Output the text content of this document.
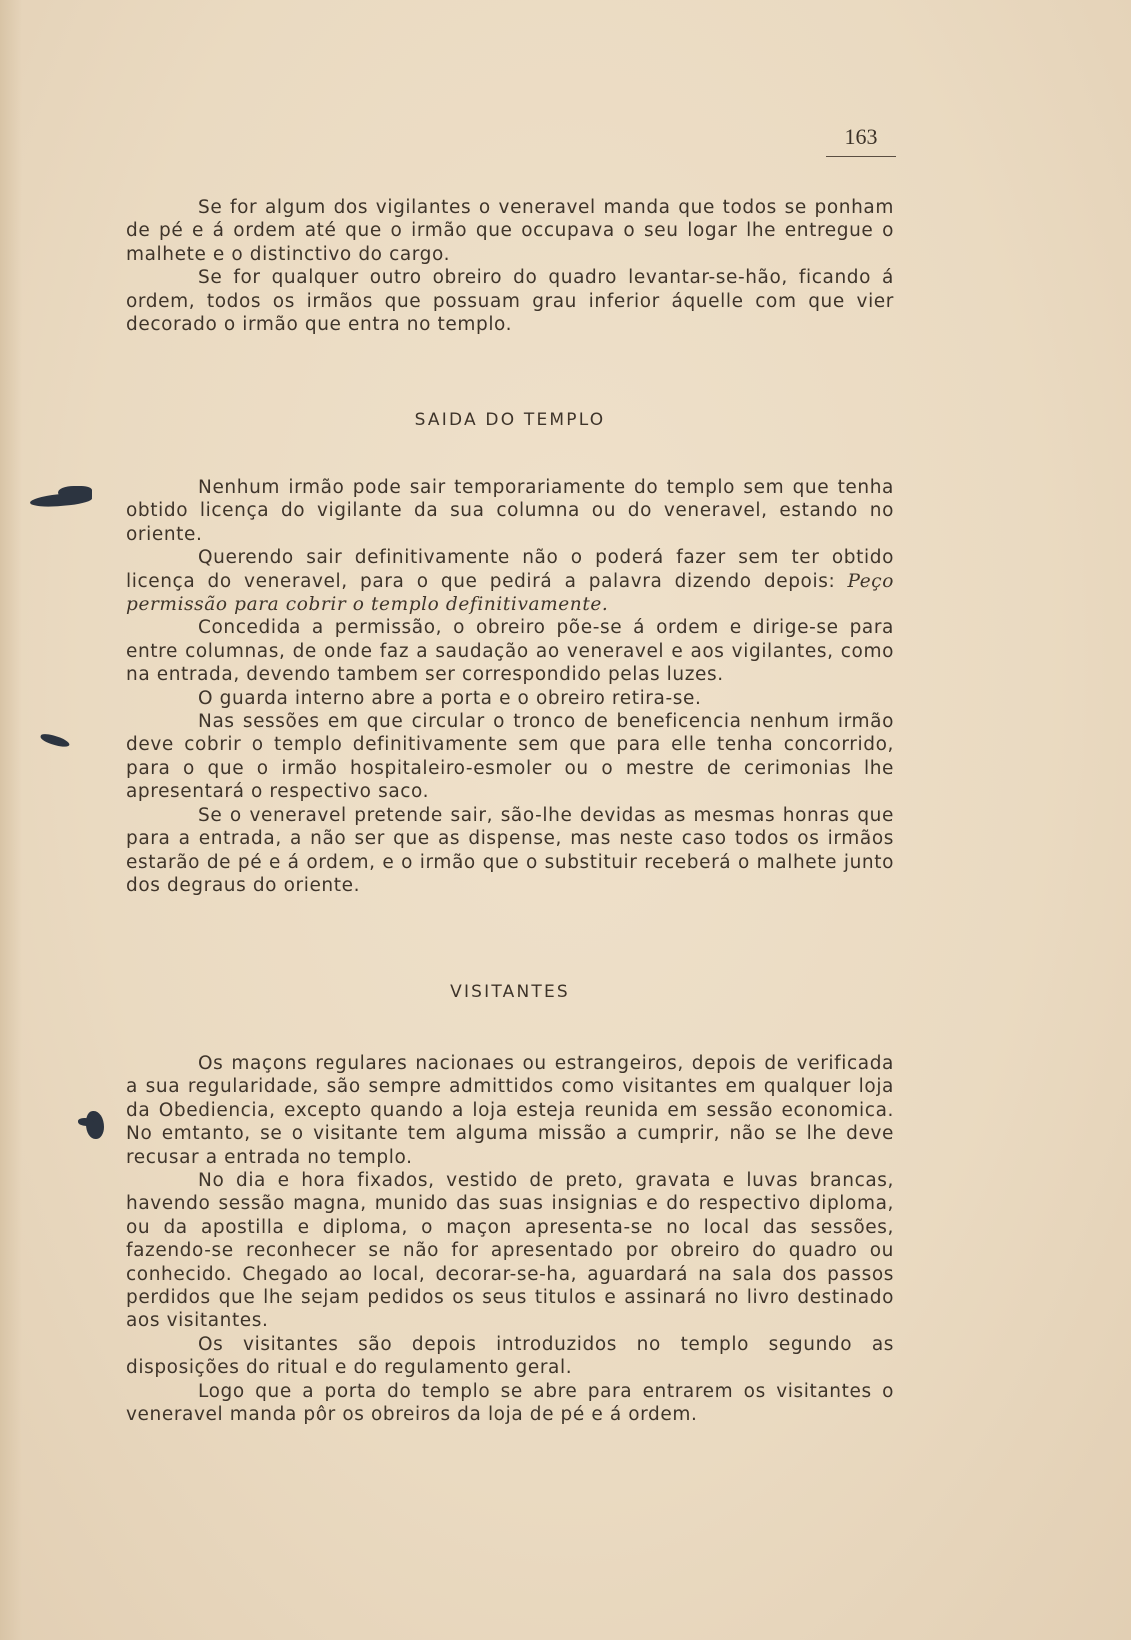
163

Se for algum dos vigilantes o veneravel manda que todos se ponham de pé e á ordem até que o irmão que occupava o seu logar lhe entregue o malhete e o distinctivo do cargo.

Se for qualquer outro obreiro do quadro levantar-se-hão, ficando á ordem, todos os irmãos que possuam grau inferior áquelle com que vier decorado o irmão que entra no templo.

SAIDA DO TEMPLO

Nenhum irmão pode sair temporariamente do templo sem que tenha obtido licença do vigilante da sua columna ou do veneravel, estando no oriente.

Querendo sair definitivamente não o poderá fazer sem ter obtido licença do veneravel, para o que pedirá a palavra dizendo depois: Peço permissão para cobrir o templo definitivamente.

Concedida a permissão, o obreiro põe-se á ordem e dirige-se para entre columnas, de onde faz a saudação ao veneravel e aos vigilantes, como na entrada, devendo tambem ser correspondido pelas luzes.

O guarda interno abre a porta e o obreiro retira-se.

Nas sessões em que circular o tronco de beneficencia nenhum irmão deve cobrir o templo definitivamente sem que para elle tenha concorrido, para o que o irmão hospitaleiro-esmoler ou o mestre de cerimonias lhe apresentará o respectivo saco.

Se o veneravel pretende sair, são-lhe devidas as mesmas honras que para a entrada, a não ser que as dispense, mas neste caso todos os irmãos estarão de pé e á ordem, e o irmão que o substituir receberá o malhete junto dos degraus do oriente.

VISITANTES

Os maçons regulares nacionaes ou estrangeiros, depois de verificada a sua regularidade, são sempre admittidos como visitantes em qualquer loja da Obediencia, excepto quando a loja esteja reunida em sessão economica. No emtanto, se o visitante tem alguma missão a cumprir, não se lhe deve recusar a entrada no templo.

No dia e hora fixados, vestido de preto, gravata e luvas brancas, havendo sessão magna, munido das suas insignias e do respectivo diploma, ou da apostilla e diploma, o maçon apresenta-se no local das sessões, fazendo-se reconhecer se não for apresentado por obreiro do quadro ou conhecido. Chegado ao local, decorar-se-ha, aguardará na sala dos passos perdidos que lhe sejam pedidos os seus titulos e assinará no livro destinado aos visitantes.

Os visitantes são depois introduzidos no templo segundo as disposições do ritual e do regulamento geral.

Logo que a porta do templo se abre para entrarem os visitantes o veneravel manda pôr os obreiros da loja de pé e á ordem.
